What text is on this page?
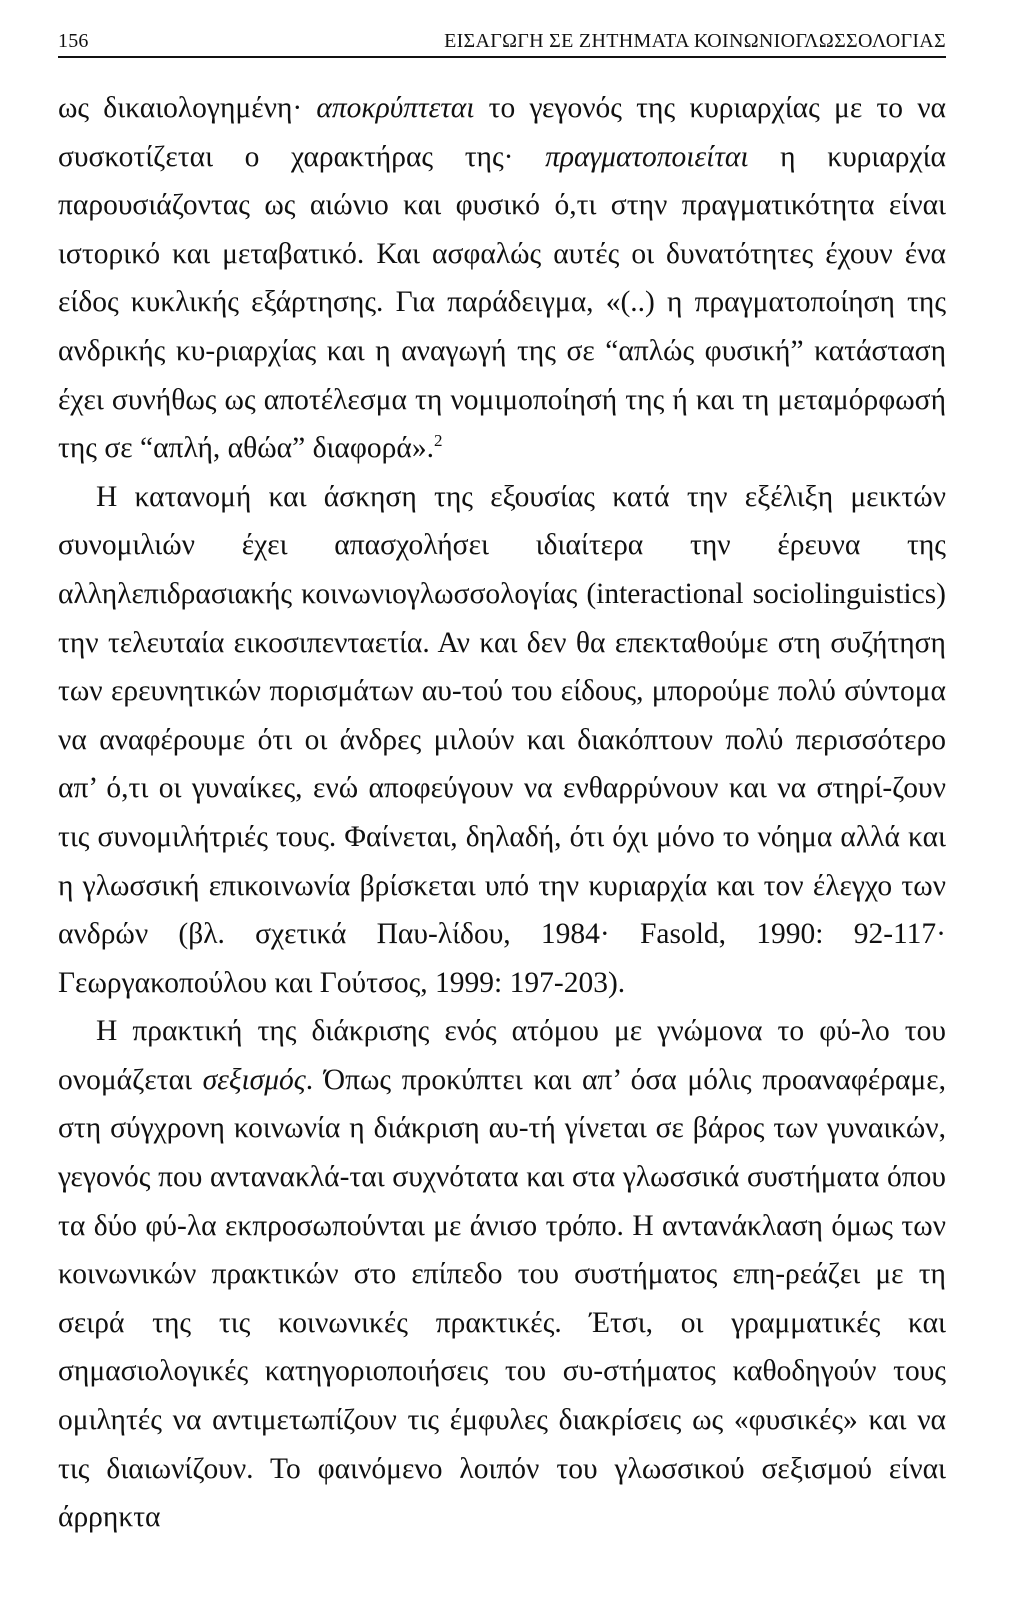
156	ΕΙΣΑΓΩΓΗ ΣΕ ΖΗΤΗΜΑΤΑ ΚΟΙΝΩΝΙΟΓΛΩΣΣΟΛΟΓΙΑΣ

ως δικαιολογημένη· αποκρύπτεται το γεγονός της κυριαρχίας με το να συσκοτίζεται ο χαρακτήρας της· πραγματοποιείται η κυριαρχία παρουσιάζοντας ως αιώνιο και φυσικό ό,τι στην πραγματικότητα είναι ιστορικό και μεταβατικό. Και ασφαλώς αυτές οι δυνατότητες έχουν ένα είδος κυκλικής εξάρτησης. Για παράδειγμα, «(..) η πραγματοποίηση της ανδρικής κυ-ριαρχίας και η αναγωγή της σε “απλώς φυσική” κατάσταση έχει συνήθως ως αποτέλεσμα τη νομιμοποίησή της ή και τη μεταμόρφωσή της σε “απλή, αθώα” διαφορά».$^2$

Η κατανομή και άσκηση της εξουσίας κατά την εξέλιξη μεικτών συνομιλιών έχει απασχολήσει ιδιαίτερα την έρευνα της αλληλεπιδρασιακής κοινωνιογλωσσολογίας (interactional sociolinguistics) την τελευταία εικοσιπενταετία. Αν και δεν θα επεκταθούμε στη συζήτηση των ερευνητικών πορισμάτων αυ-τού του είδους, μπορούμε πολύ σύντομα να αναφέρουμε ότι οι άνδρες μιλούν και διακόπτουν πολύ περισσότερο απ’ ό,τι οι γυναίκες, ενώ αποφεύγουν να ενθαρρύνουν και να στηρί-ζουν τις συνομιλήτριές τους. Φαίνεται, δηλαδή, ότι όχι μόνο το νόημα αλλά και η γλωσσική επικοινωνία βρίσκεται υπό την κυριαρχία και τον έλεγχο των ανδρών (βλ. σχετικά Παυ-λίδου, 1984· Fasold, 1990: 92-117· Γεωργακοπούλου και Γούτσος, 1999: 197-203).

Η πρακτική της διάκρισης ενός ατόμου με γνώμονα το φύ-λο του ονομάζεται σεξισμός. Όπως προκύπτει και απ’ όσα μόλις προαναφέραμε, στη σύγχρονη κοινωνία η διάκριση αυ-τή γίνεται σε βάρος των γυναικών, γεγονός που αντανακλά-ται συχνότατα και στα γλωσσικά συστήματα όπου τα δύο φύ-λα εκπροσωπούνται με άνισο τρόπο. Η αντανάκλαση όμως των κοινωνικών πρακτικών στο επίπεδο του συστήματος επη-ρεάζει με τη σειρά της τις κοινωνικές πρακτικές. Έτσι, οι γραμματικές και σημασιολογικές κατηγοριοποιήσεις του συ-στήματος καθοδηγούν τους ομιλητές να αντιμετωπίζουν τις έμφυλες διακρίσεις ως «φυσικές» και να τις διαιωνίζουν. Το φαινόμενο λοιπόν του γλωσσικού σεξισμού είναι άρρηκτα
